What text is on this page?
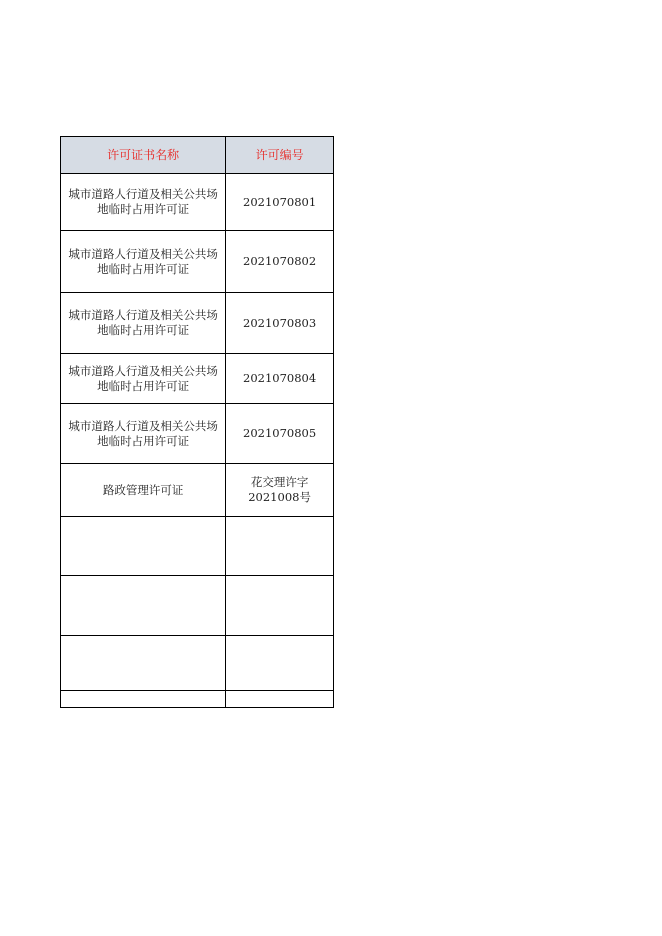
许可证书名称	许可编号
城市道路人行道及相关公共场
地临时占用许可证	2021070801
城市道路人行道及相关公共场
地临时占用许可证	2021070802
城市道路人行道及相关公共场
地临时占用许可证	2021070803
城市道路人行道及相关公共场
地临时占用许可证	2021070804
城市道路人行道及相关公共场
地临时占用许可证	2021070805
路政管理许可证	花交理许字
2021008号
